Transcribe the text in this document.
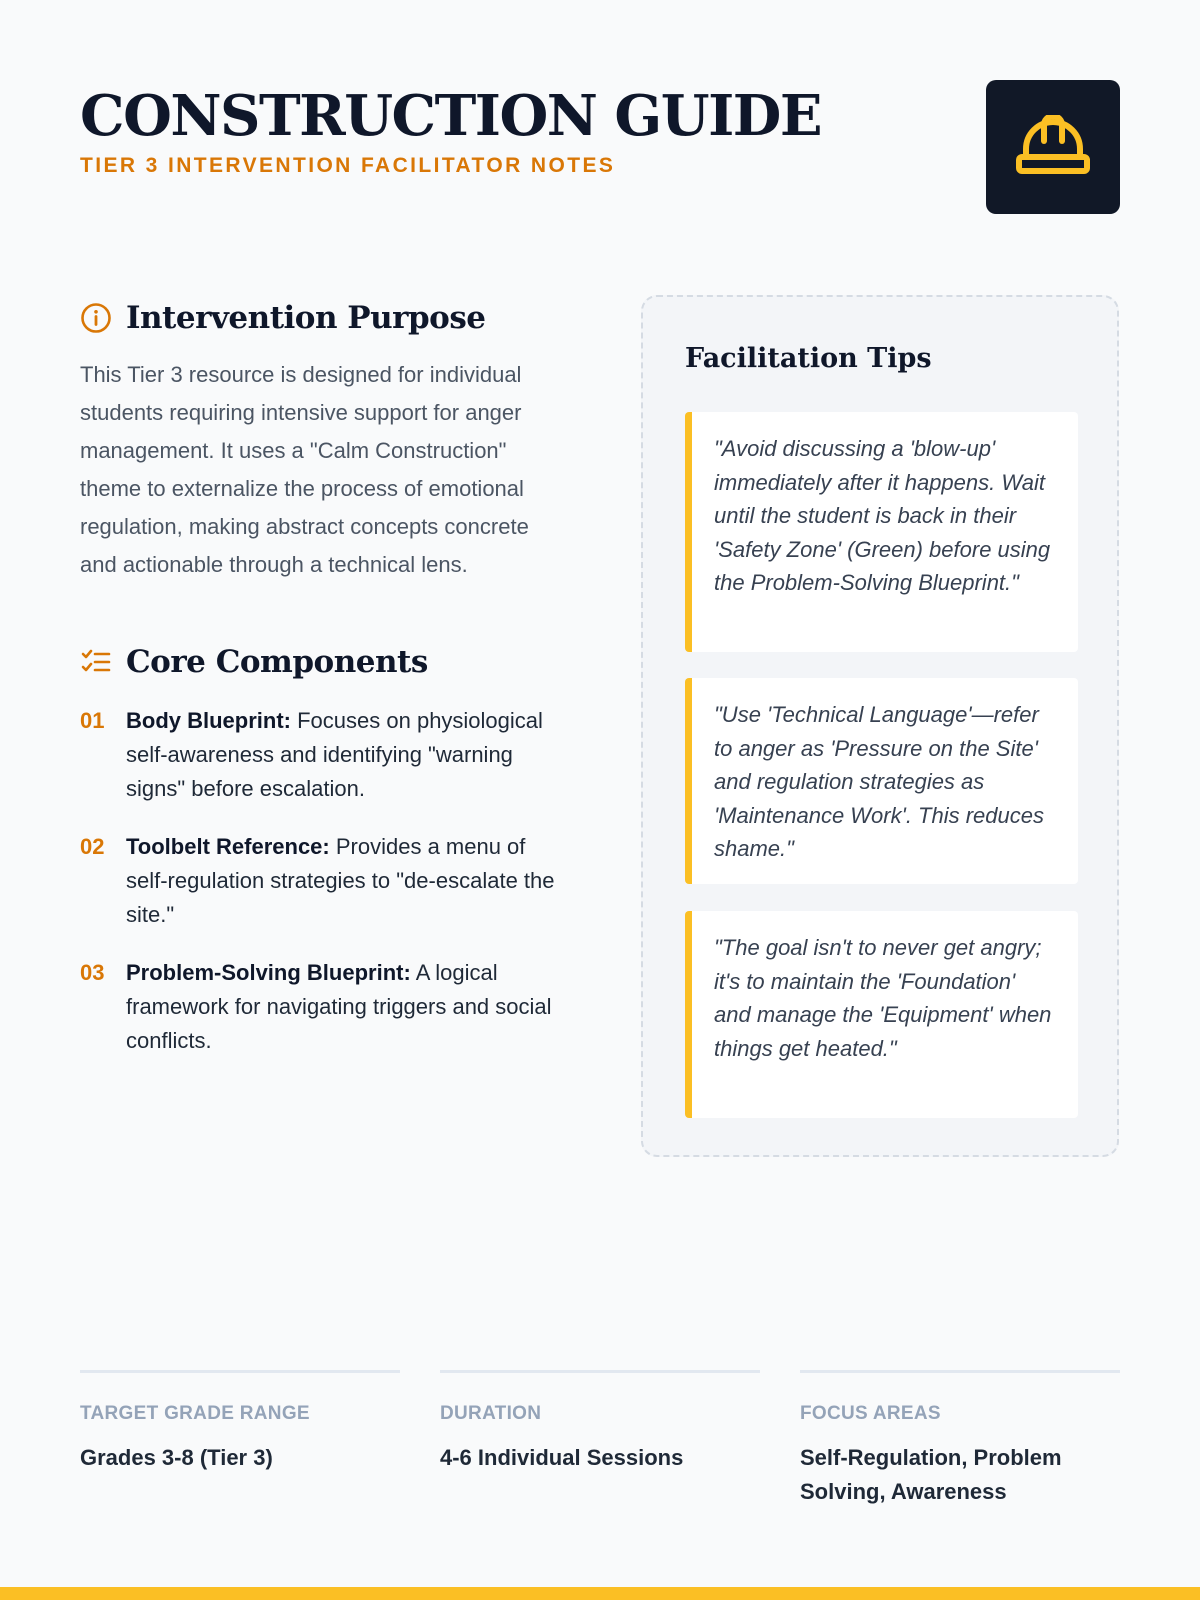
CONSTRUCTION GUIDE
TIER 3 INTERVENTION FACILITATOR NOTES
Intervention Purpose

This Tier 3 resource is designed for individual students requiring intensive support for anger management. It uses a "Calm Construction" theme to externalize the process of emotional regulation, making abstract concepts concrete and actionable through a technical lens.

Core Components
01 Body Blueprint: Focuses on physiological self-awareness and identifying "warning signs" before escalation.
02 Toolbelt Reference: Provides a menu of self-regulation strategies to "de-escalate the site."
03 Problem-Solving Blueprint: A logical framework for navigating triggers and social conflicts.
Facilitation Tips
"Avoid discussing a 'blow-up' immediately after it happens. Wait until the student is back in their 'Safety Zone' (Green) before using the Problem-Solving Blueprint."
"Use 'Technical Language'—refer to anger as 'Pressure on the Site' and regulation strategies as 'Maintenance Work'. This reduces shame."
"The goal isn't to never get angry; it's to maintain the 'Foundation' and manage the 'Equipment' when things get heated."
TARGET GRADE RANGE
Grades 3-8 (Tier 3)
DURATION
4-6 Individual Sessions
FOCUS AREAS
Self-Regulation, Problem Solving, Awareness
